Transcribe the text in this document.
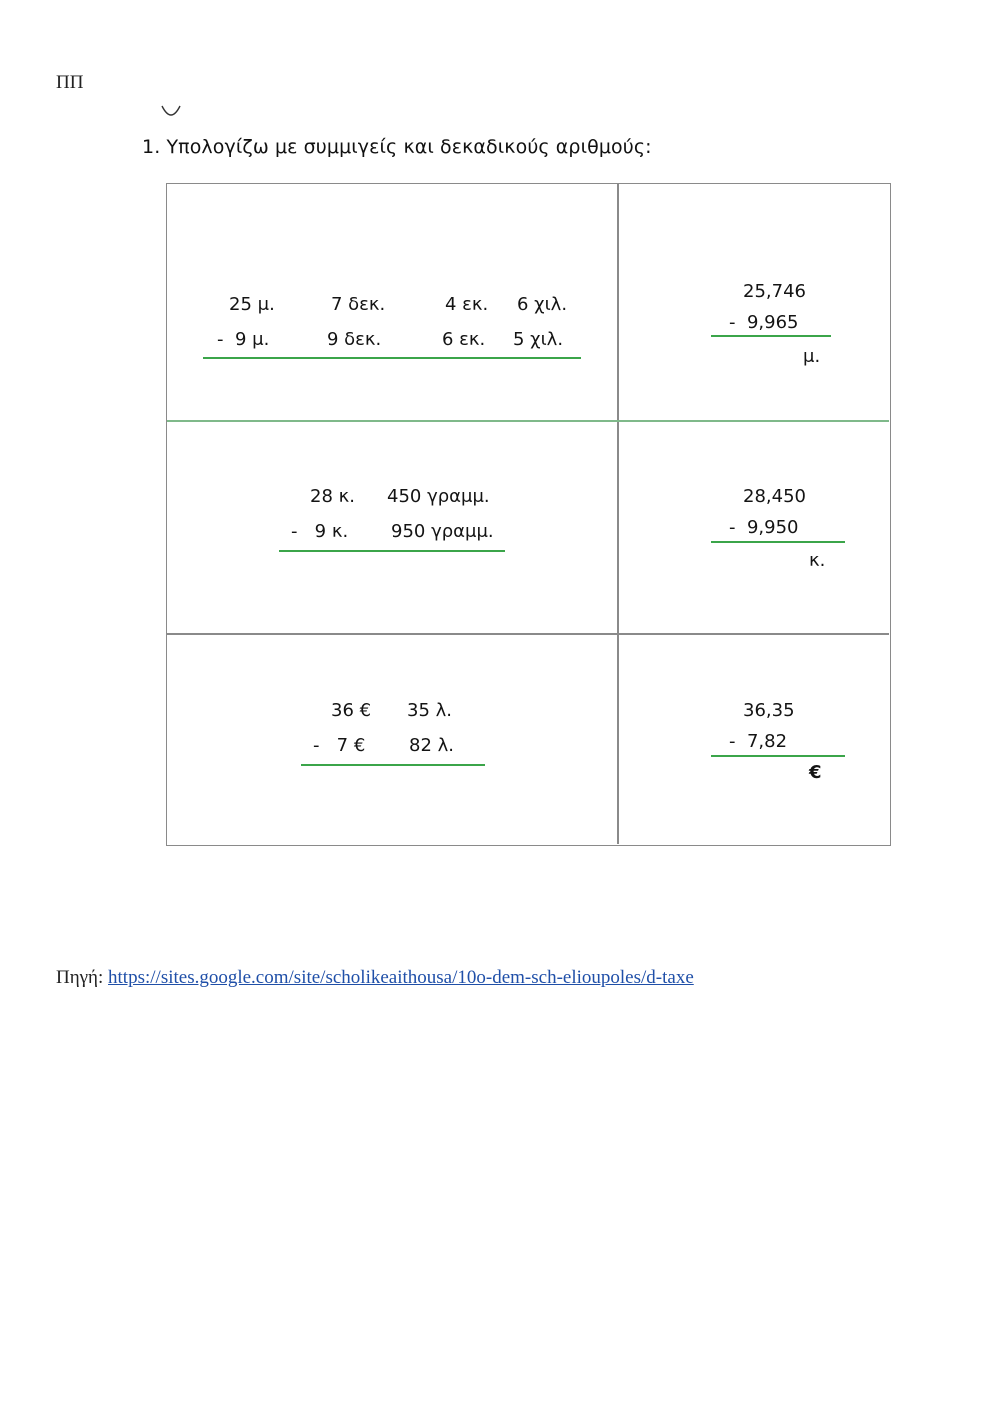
ΠΠ
1. Υπολογίζω με συμμιγείς και δεκαδικούς αριθμούς:
25 μ.	7 δεκ.	4 εκ. 6 χιλ.
-  9 μ.	9 δεκ.	6 εκ. 5 χιλ.
25,746
-  9,965
μ.
28 κ. 450 γραμμ.
-   9 κ. 950 γραμμ.
28,450
-  9,950
κ.
36 € 35 λ.
-   7 € 82 λ.
36,35
-  7,82
€
Πηγή: https://sites.google.com/site/scholikeaithousa/10o-dem-sch-elioupoles/d-taxe
